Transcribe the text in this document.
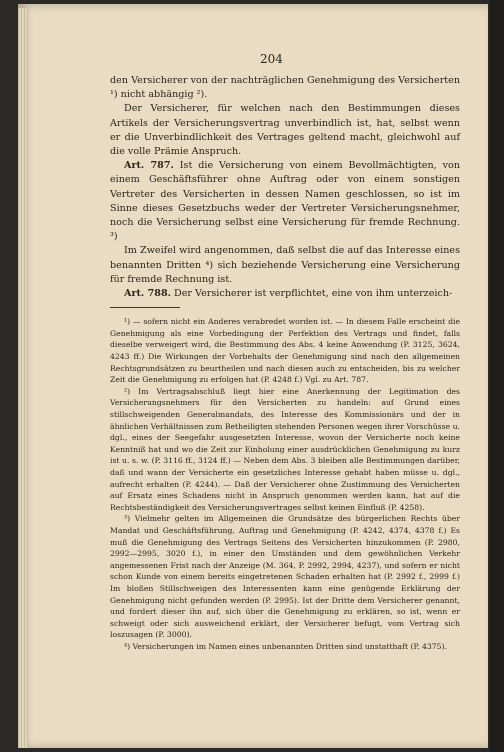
204

den Versicherer von der nachträglichen Genehmigung des Versicherten ¹) nicht abhängig ²).

Der Versicherer, für welchen nach den Bestimmungen dieses Artikels der Versicherungsvertrag unverbindlich ist, hat, selbst wenn er die Unverbindlichkeit des Vertrages geltend macht, gleichwohl auf die volle Prämie Anspruch.

Art. 787. Ist die Versicherung von einem Bevollmächtigten, von einem Geschäftsführer ohne Auftrag oder von einem sonstigen Vertreter des Versicherten in dessen Namen geschlossen, so ist im Sinne dieses Gesetzbuchs weder der Vertreter Versicherungsnehmer, noch die Versicherung selbst eine Versicherung für fremde Rechnung. ³)

Im Zweifel wird angenommen, daß selbst die auf das Interesse eines benannten Dritten ⁴) sich beziehende Versicherung eine Versicherung für fremde Rechnung ist.

Art. 788. Der Versicherer ist verpflichtet, eine von ihm unterzeich-

¹) — sofern nicht ein Anderes verabredet worden ist. — In diesem Falle erscheint die Genehmigung als eine Vorbedingung der Perfektion des Vertrags und findet, falls dieselbe verweigert wird, die Bestimmung des Abs. 4 keine Anwendung (P. 3125, 3624, 4243 ff.) Die Wirkungen der Vorbehalts der Genehmigung sind nach den allgemeinen Rechtsgrundsätzen zu beurtheilen und nach diesen auch zu entscheiden, bis zu welcher Zeit die Genehmigung zu erfolgen hat (P. 4248 f.) Vgl. zu Art. 787.

²) Im Vertragsabschluß liegt hier eine Anerkennung der Legitimation des Versicherungsnehmers für den Versicherten zu handeln: auf Grund eines stillschweigenden Generalmandats, des Interesse des Kommissionärs und der in ähnlichen Verhältnissen zum Betheiligten stehenden Personen wegen ihrer Vorschüsse u. dgl., eines der Seegefahr ausgesetzten Interesse, wovon der Versicherte noch keine Kenntniß hat und wo die Zeit zur Einholung einer ausdrücklichen Genehmigung zu kurz ist u. s. w. (P. 3116 ff., 3124 ff.) — Neben dem Abs. 3 bleiben alle Bestimmungen darüber, daß und wann der Versicherte ein gesetzliches Interesse gehabt haben müsse u. dgl., aufrecht erhalten (P. 4244). — Daß der Versicherer ohne Zustimmung des Versicherten auf Ersatz eines Schadens nicht in Anspruch genommen werden kann, hat auf die Rechtsbeständigkeit des Versicherungsvertrages selbst keinen Einfluß (P. 4258).

³) Vielmehr gelten im Allgemeinen die Grundsätze des bürgerlichen Rechts über Mandat und Geschäftsführung, Auftrag und Genehmigung (P. 4242, 4374, 4378 f.) Es muß die Genehmigung des Vertrags Seitens des Versicherten hinzukommen (P. 2980, 2992—2995, 3020 f.), in einer den Umständen und dem gewöhnlichen Verkehr angemessenen Frist nach der Anzeige (M. 364, P. 2992, 2994, 4237), und sofern er nicht schon Kunde von einem bereits eingetretenen Schaden erhalten hat (P. 2992 f., 2999 f.) Im bloßen Stillschweigen des Interessenten kann eine genügende Erklärung der Genehmigung nicht gefunden werden (P. 2995). Ist der Dritte dem Versicherer genannt, und fordert dieser ihn auf, sich über die Genehmigung zu erklären, so ist, wenn er schweigt oder sich ausweichend erklärt, der Versicherer befugt, vom Vertrag sich loszusagen (P. 3000).

⁴) Versicherungen im Namen eines unbenannten Dritten sind unstatthaft (P. 4375).
